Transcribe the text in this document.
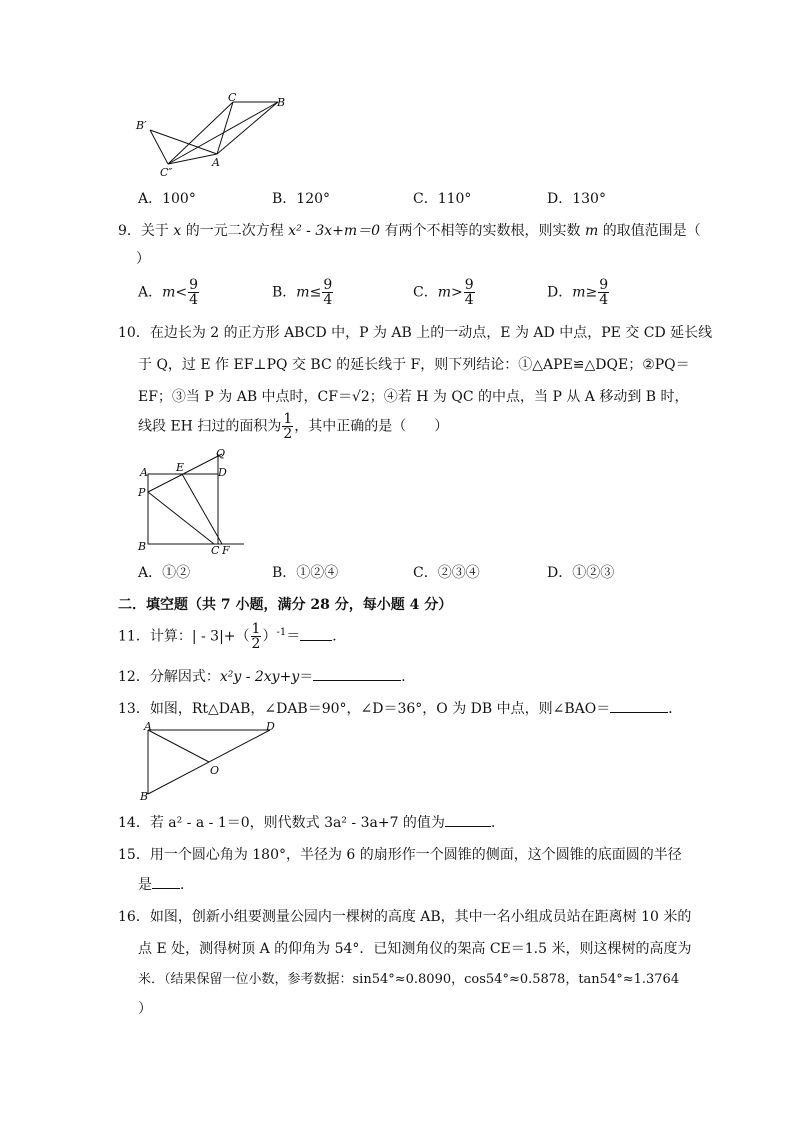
C	B
B′
C″
A
A．100°	B．120°	C．110°	D．130°
9．关于 x 的一元二次方程 x² - 3x+m＝0 有两个不相等的实数根，则实数 m 的取值范围是（
）
A．$m< \frac{9}{4}$	B．$m\le \frac{9}{4}$	C．$m> \frac{9}{4}$	D．$m\ge \frac{9}{4}$
10．在边长为 2 的正方形 ABCD 中，P 为 AB 上的一动点，E 为 AD 中点，PE 交 CD 延长线
于 Q，过 E 作 EF⊥PQ 交 BC 的延长线于 F，则下列结论：①△APE≌△DQE；②PQ＝
EF；③当 P 为 AB 中点时，CF＝√2；④若 H 为 QC 的中点，当 P 从 A 移动到 B 时，
线段 EH 扫过的面积为 $\frac{1}{2}$ ，其中正确的是（　　）
A	E
Q
D
P
B	C F
A．①②	B．①②④	C．②③④	D．①②③
二．填空题（共 7 小题，满分 28 分，每小题 4 分）
11．计算：| - $3|+( \frac{1}{2} )^{-1}=$ ．
12．分解因式：x²y - 2xy+y＝	．
13．如图，Rt△DAB，∠DAB＝90°，∠D＝36°，O 为 DB 中点，则∠BAO＝	．
A	D
O
B
14．若 a² - a - 1＝0，则代数式 3a² - 3a+7 的值为	．
15．用一个圆心角为 180°，半径为 6 的扇形作一个圆锥的侧面，这个圆锥的底面圆的半径
是 ．
16．如图，创新小组要测量公园内一棵树的高度 AB，其中一名小组成员站在距离树 10 米的
点 E 处，测得树顶 A 的仰角为 54°．已知测角仪的架高 CE＝1.5 米，则这棵树的高度为
米．（结果保留一位小数，参考数据：sin54°≈0.8090，cos54°≈0.5878，tan54°≈1.3764
）
